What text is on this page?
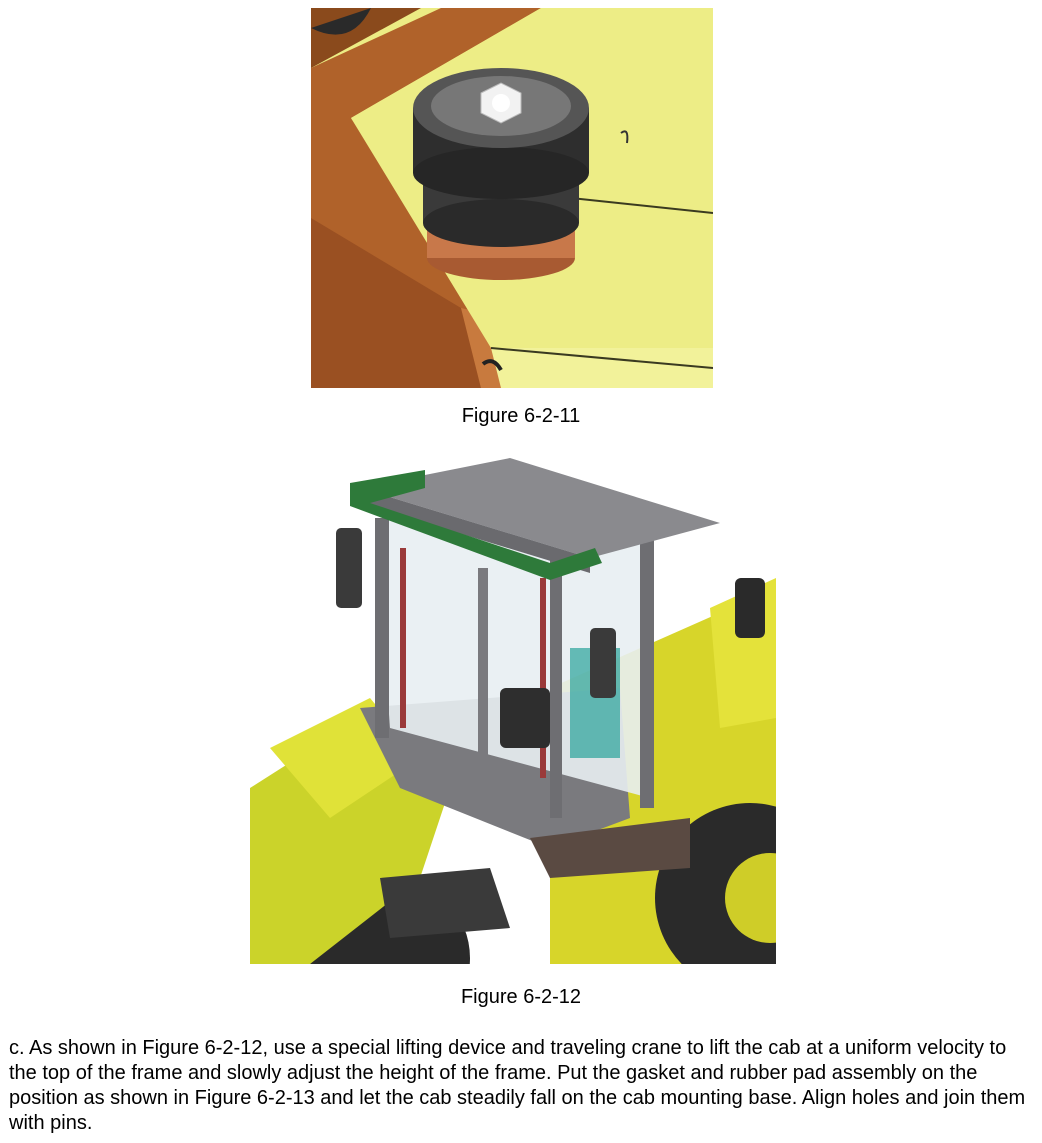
Figure 6-2-11
Figure 6-2-12

c. As shown in Figure 6-2-12, use a special lifting device and traveling crane to lift the cab at a uniform velocity to the top of the frame and slowly adjust the height of the frame. Put the gasket and rubber pad assembly on the position as shown in Figure 6-2-13 and let the cab steadily fall on the cab mounting base. Align holes and join them with pins.
